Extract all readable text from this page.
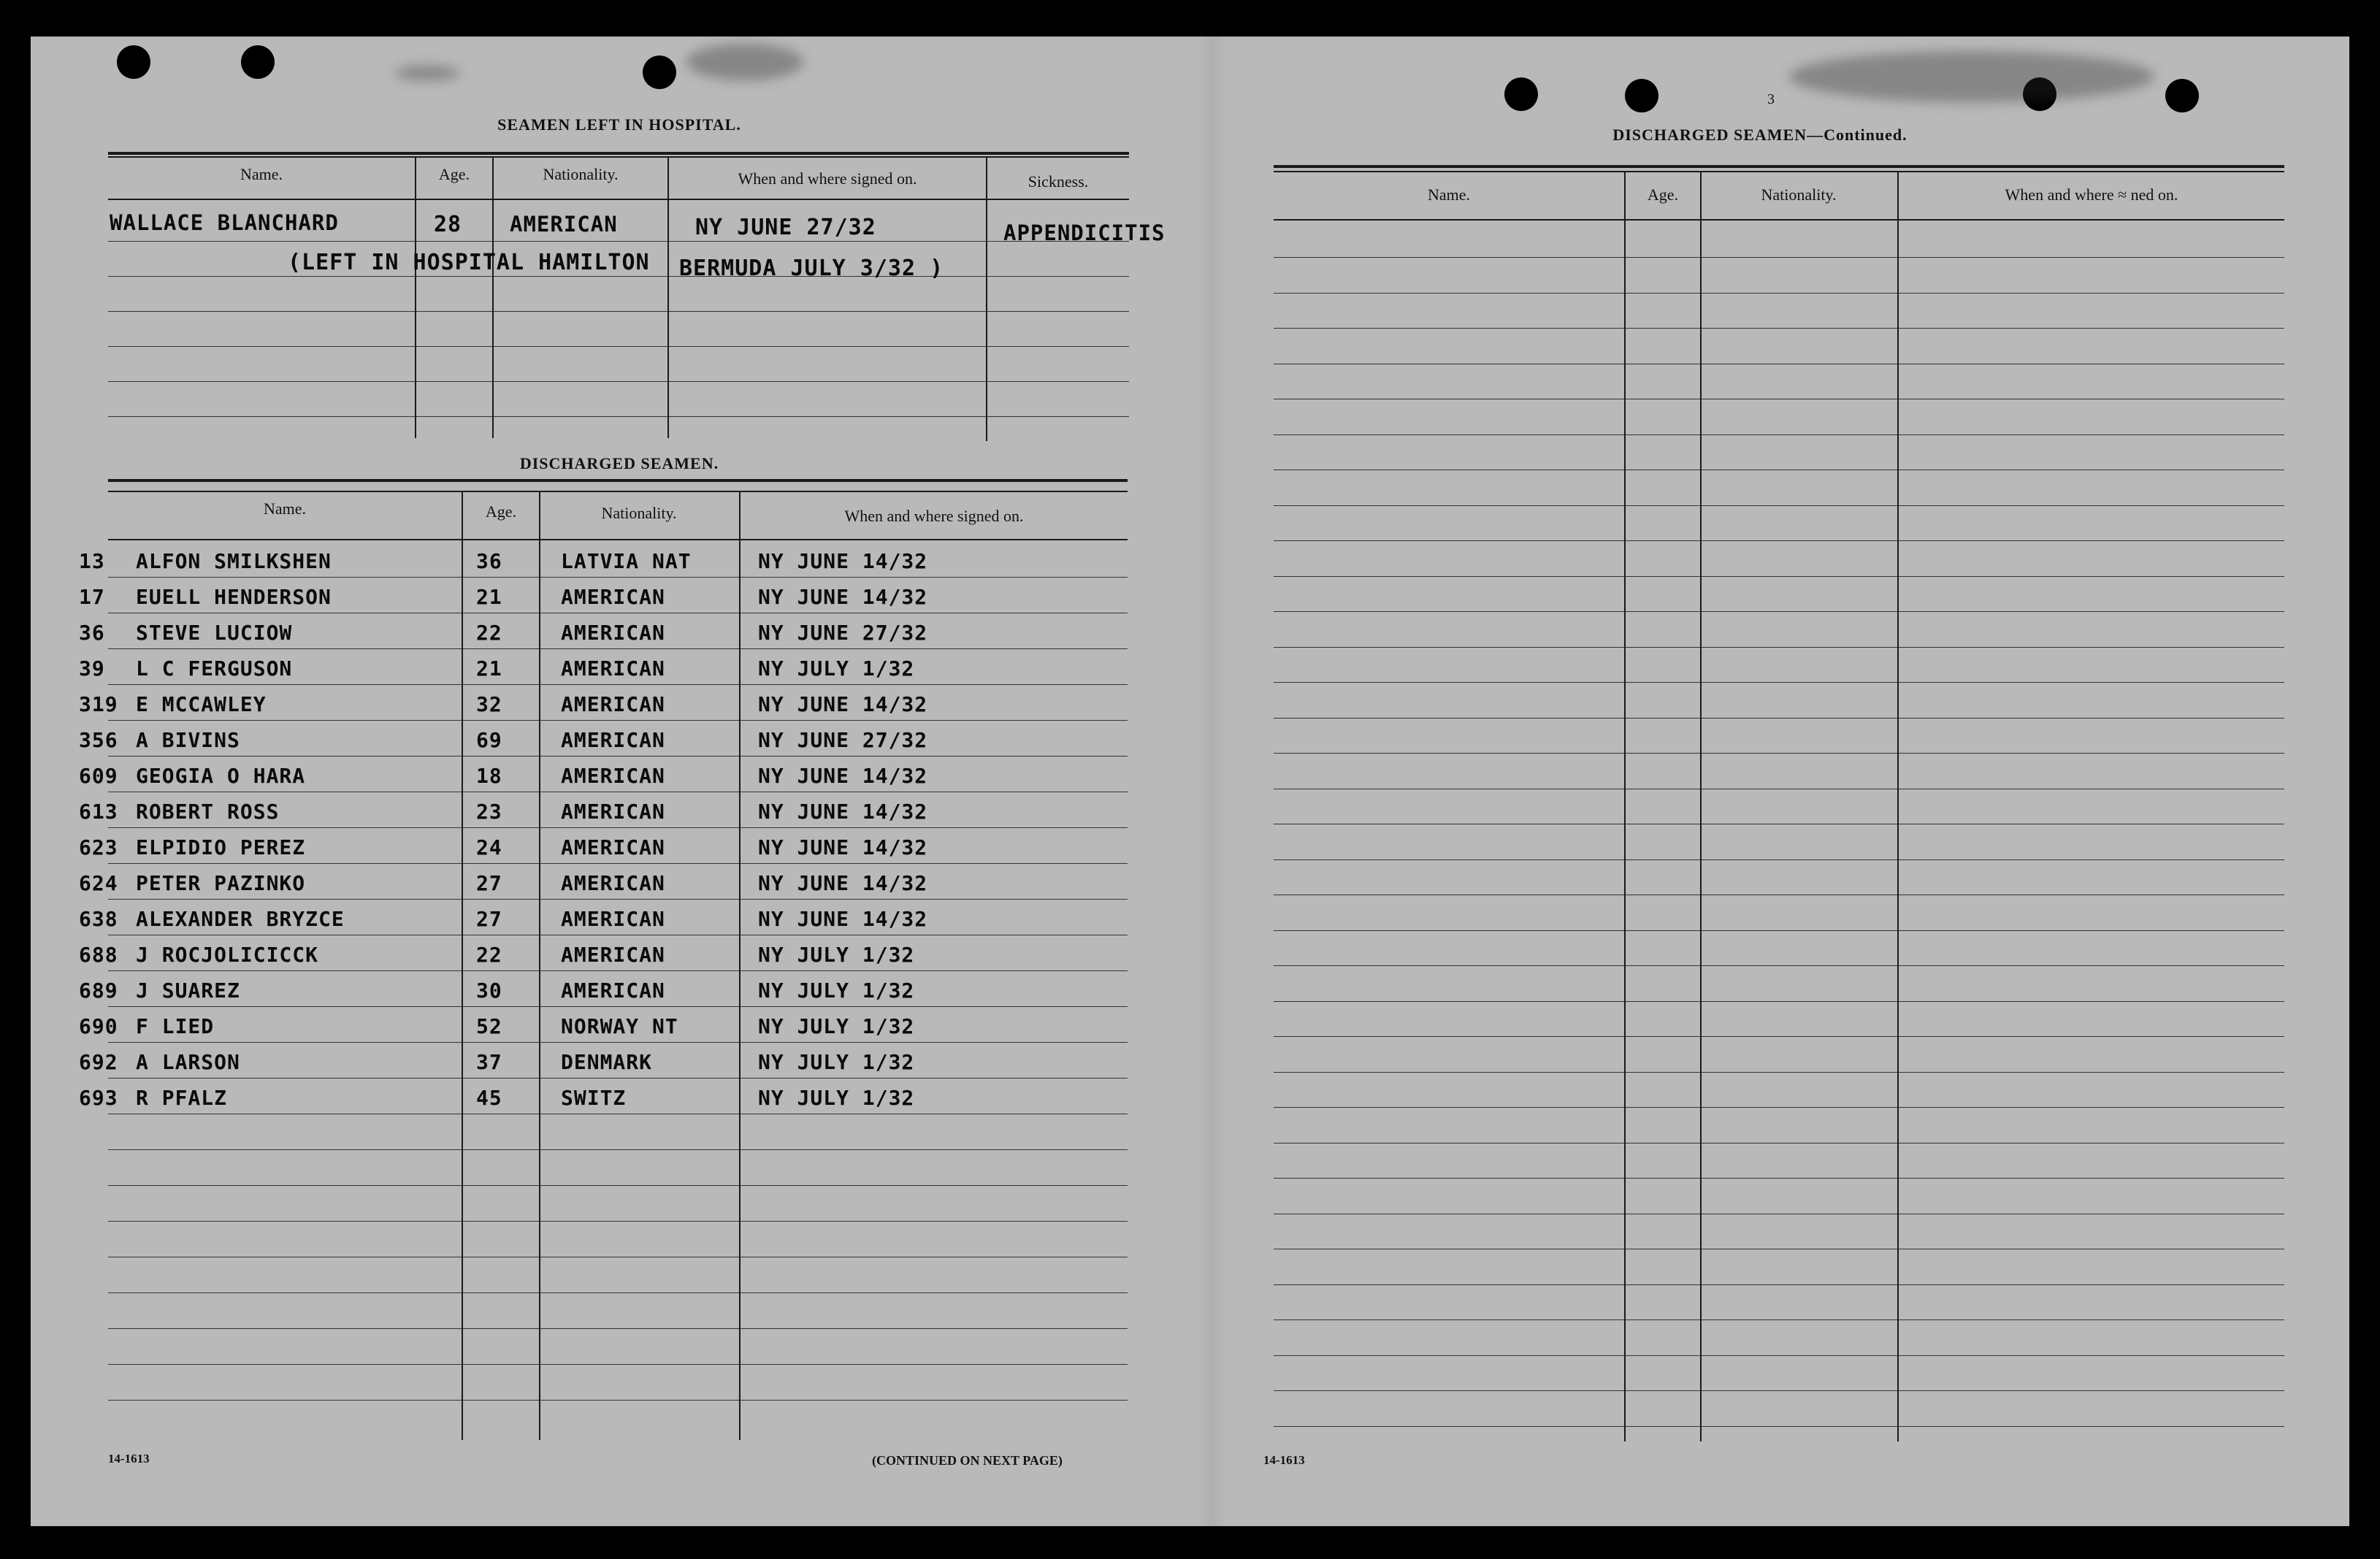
3
SEAMEN LEFT IN HOSPITAL.
Name.	Age.	Nationality.	When and where signed on.	Sickness.
WALLACE BLANCHARD	28 AMERICAN	NY JUNE 27/32	APPENDICITIS
(LEFT IN HOSPITAL HAMILTON BERMUDA JULY 3/32 )
DISCHARGED SEAMEN.
Name.	Age.	Nationality.	When and where signed on.
13 ALFON SMILKSHEN	36	LATVIA NAT	NY JUNE 14/32
17 EUELL HENDERSON	21	AMERICAN	NY JUNE 14/32
36 STEVE LUCIOW	22	AMERICAN	NY JUNE 27/32
39 L C FERGUSON	21	AMERICAN	NY JULY 1/32
319 E MCCAWLEY	32	AMERICAN	NY JUNE 14/32
356 A BIVINS	69	AMERICAN	NY JUNE 27/32
609 GEOGIA O HARA	18	AMERICAN	NY JUNE 14/32
613 ROBERT ROSS	23	AMERICAN	NY JUNE 14/32
623 ELPIDIO PEREZ	24	AMERICAN	NY JUNE 14/32
624 PETER PAZINKO	27	AMERICAN	NY JUNE 14/32
638 ALEXANDER BRYZCE	27	AMERICAN	NY JUNE 14/32
688 J ROCJOLICICCK	22	AMERICAN	NY JULY 1/32
689 J SUAREZ	30	AMERICAN	NY JULY 1/32
690 F LIED	52	NORWAY NT	NY JULY 1/32
692 A LARSON	37	DENMARK	NY JULY 1/32
693 R PFALZ	45	SWITZ	NY JULY 1/32
14-1613	(CONTINUED ON NEXT PAGE)
DISCHARGED SEAMEN—Continued.
Name.	Age.	Nationality.	When and where ≈ ned on.
14-1613
